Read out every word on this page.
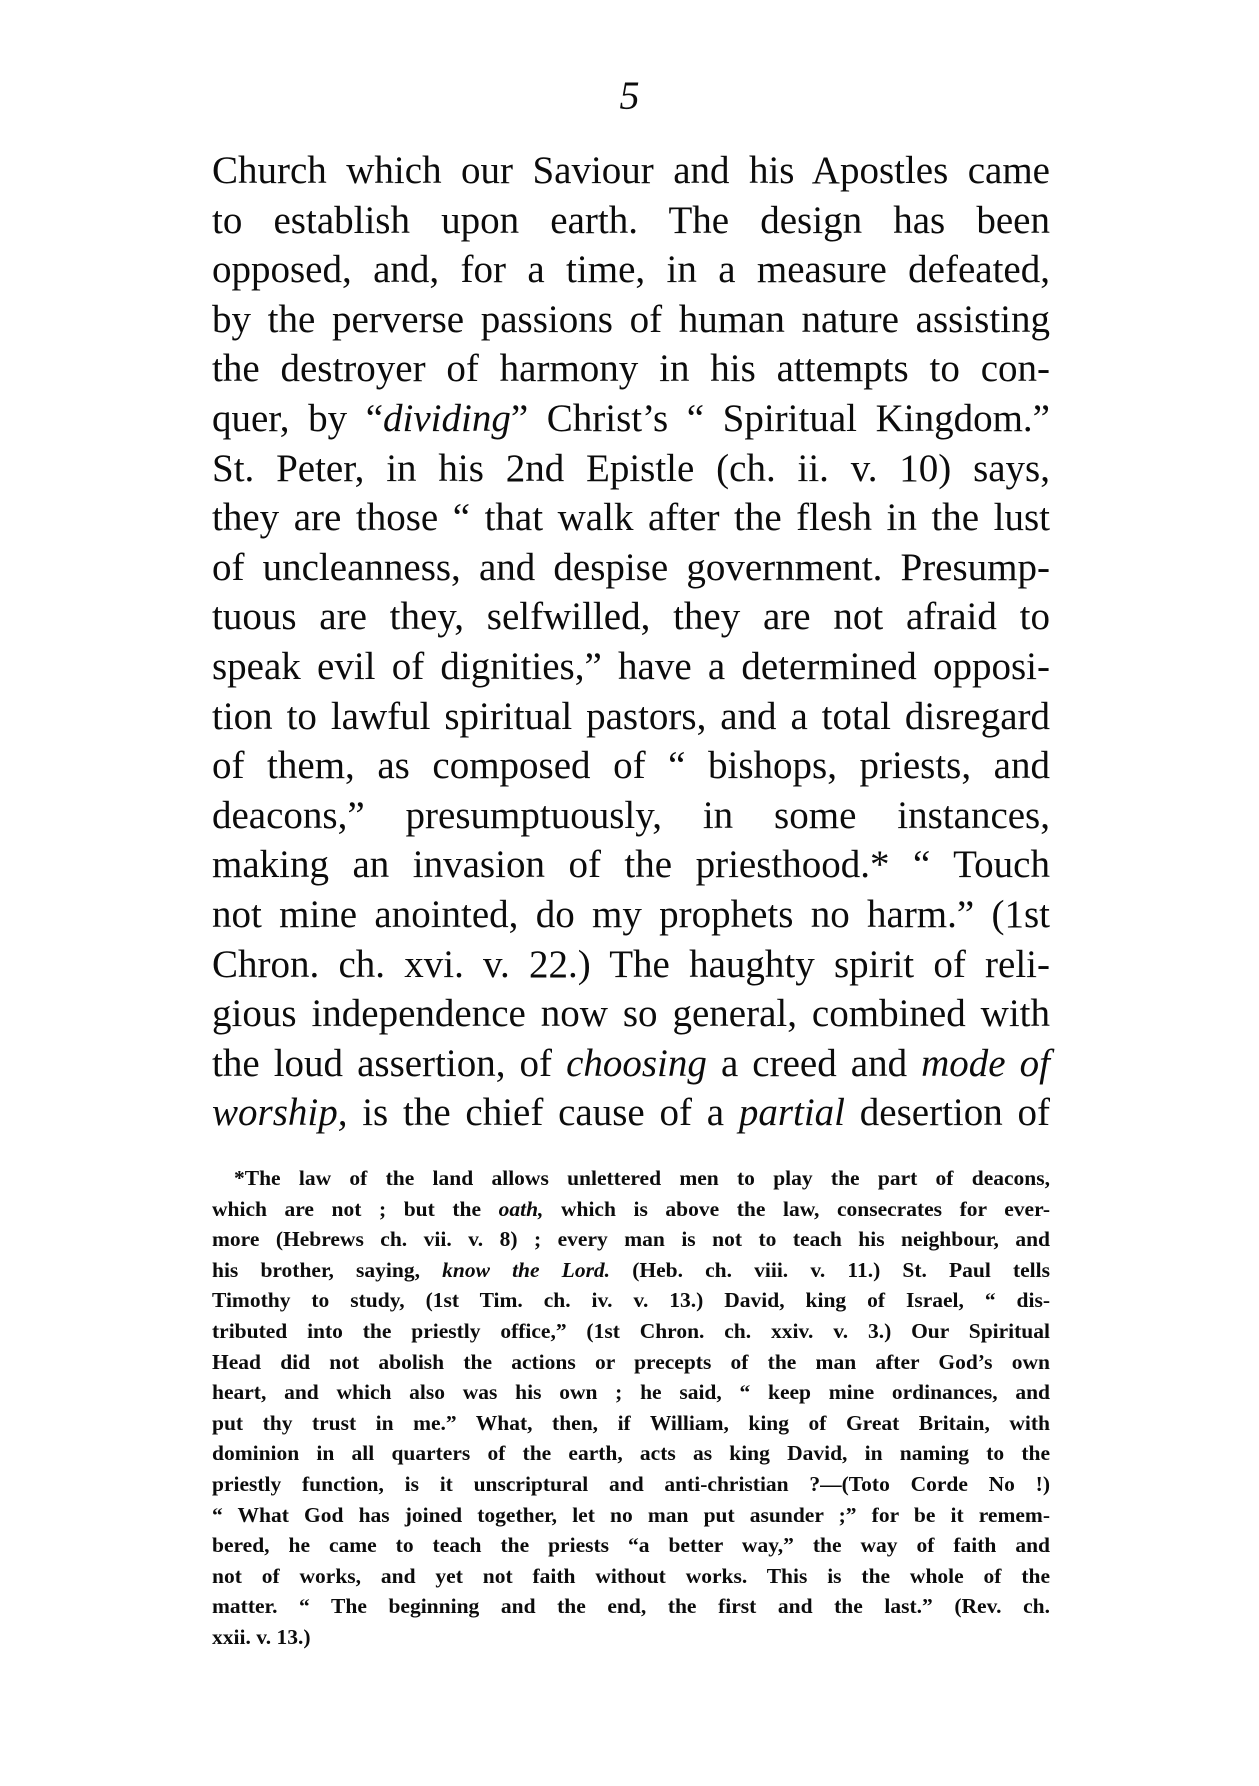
5
Church which our Saviour and his Apostles came
to establish upon earth. The design has been
opposed, and, for a time, in a measure defeated,
by the perverse passions of human nature assisting
the destroyer of harmony in his attempts to con-
quer, by “dividing” Christ’s “ Spiritual Kingdom.”
St. Peter, in his 2nd Epistle (ch. ii. v. 10) says,
they are those “ that walk after the flesh in the lust
of uncleanness, and despise government. Presump-
tuous are they, selfwilled, they are not afraid to
speak evil of dignities,” have a determined opposi-
tion to lawful spiritual pastors, and a total disregard
of them, as composed of “ bishops, priests, and
deacons,” presumptuously, in some instances,
making an invasion of the priesthood.* “ Touch
not mine anointed, do my prophets no harm.” (1st
Chron. ch. xvi. v. 22.) The haughty spirit of reli-
gious independence now so general, combined with
the loud assertion, of choosing a creed and mode of
worship, is the chief cause of a partial desertion of
*The law of the land allows unlettered men to play the part of deacons,
which are not ; but the oath, which is above the law, consecrates for ever-
more (Hebrews ch. vii. v. 8) ; every man is not to teach his neighbour, and
his brother, saying, know the Lord. (Heb. ch. viii. v. 11.) St. Paul tells
Timothy to study, (1st Tim. ch. iv. v. 13.) David, king of Israel, “ dis-
tributed into the priestly office,” (1st Chron. ch. xxiv. v. 3.) Our Spiritual
Head did not abolish the actions or precepts of the man after God’s own
heart, and which also was his own ; he said, “ keep mine ordinances, and
put thy trust in me.” What, then, if William, king of Great Britain, with
dominion in all quarters of the earth, acts as king David, in naming to the
priestly function, is it unscriptural and anti-christian ?—(Toto Corde No !)
“ What God has joined together, let no man put asunder ;” for be it remem-
bered, he came to teach the priests “a better way,” the way of faith and
not of works, and yet not faith without works. This is the whole of the
matter. “ The beginning and the end, the first and the last.” (Rev. ch.
xxii. v. 13.)
